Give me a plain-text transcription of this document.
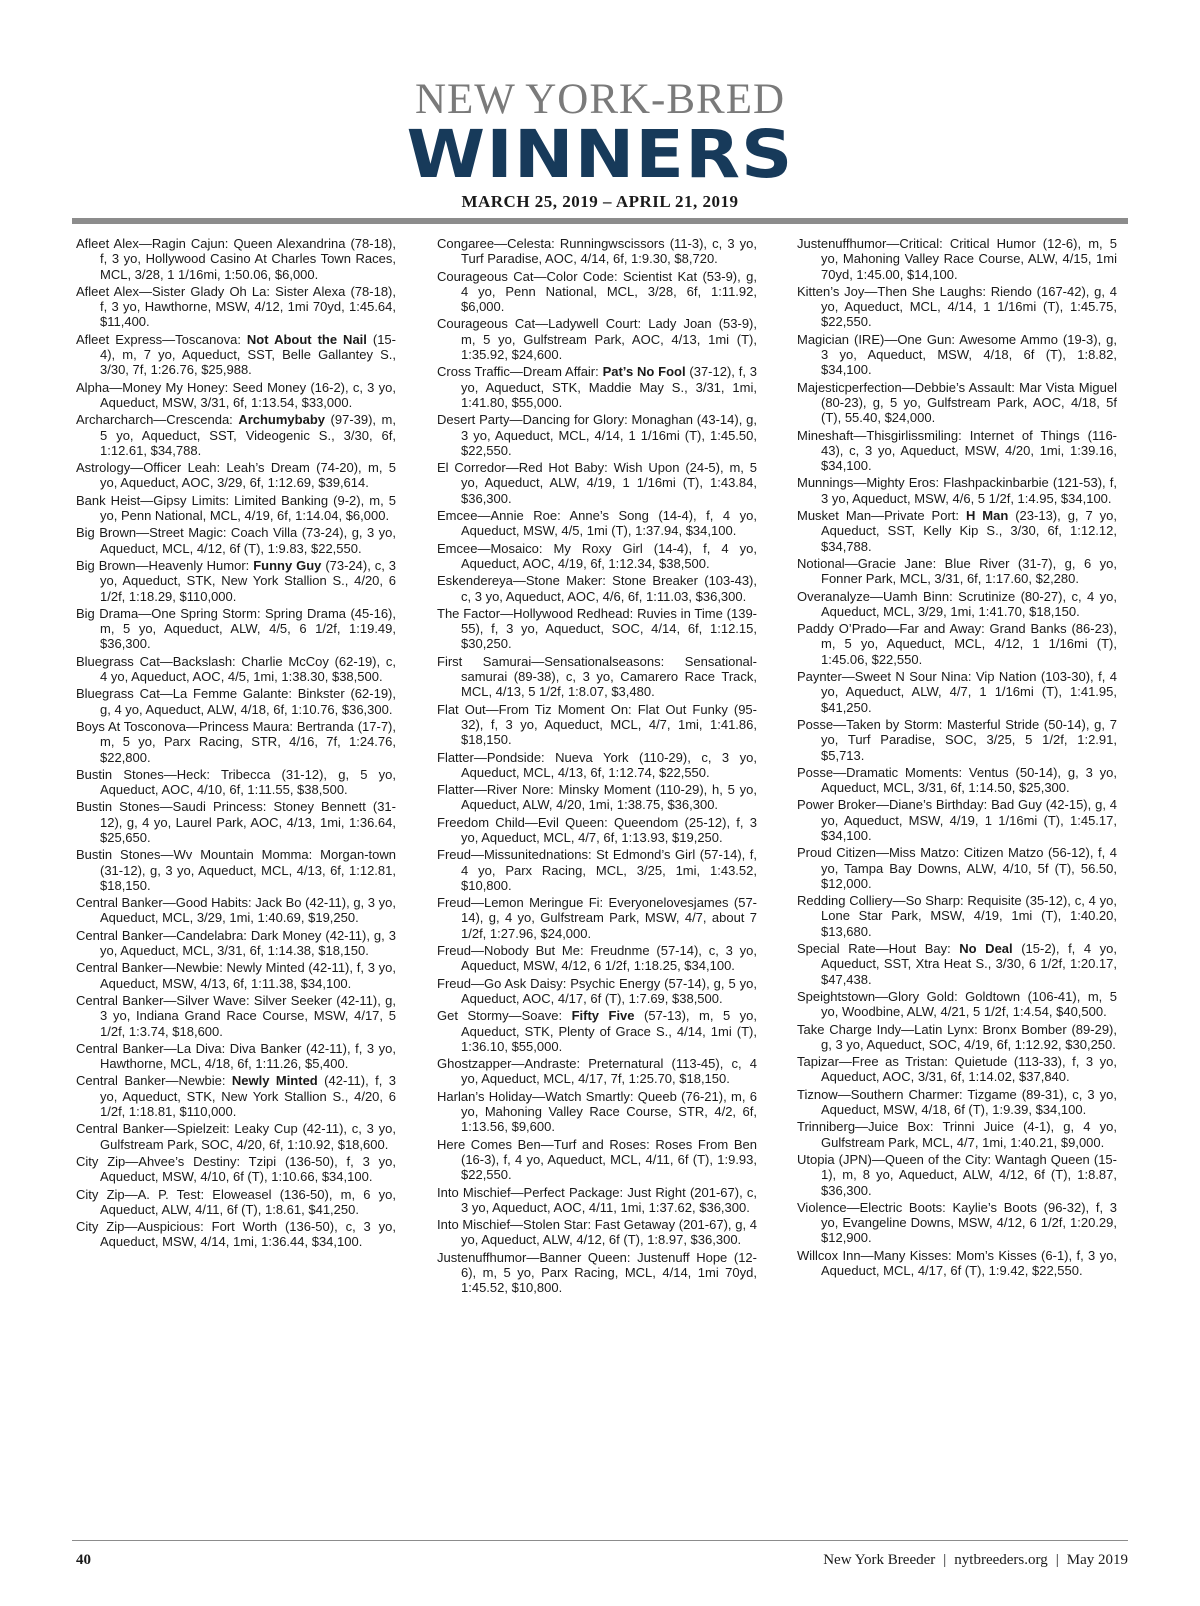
NEW YORK-BRED
WINNERS
MARCH 25, 2019 – APRIL 21, 2019
Afleet Alex—Ragin Cajun: Queen Alexandrina (78-18), f, 3 yo, Hollywood Casino At Charles Town Races, MCL, 3/28, 1 1/16mi, 1:50.06, $6,000.
Afleet Alex—Sister Glady Oh La: Sister Alexa (78-18), f, 3 yo, Hawthorne, MSW, 4/12, 1mi 70yd, 1:45.64, $11,400.
Afleet Express—Toscanova: Not About the Nail (15-4), m, 7 yo, Aqueduct, SST, Belle Gallantey S., 3/30, 7f, 1:26.76, $25,988.
Alpha—Money My Honey: Seed Money (16-2), c, 3 yo, Aqueduct, MSW, 3/31, 6f, 1:13.54, $33,000.
Archarcharch—Crescenda: Archumybaby (97-39), m, 5 yo, Aqueduct, SST, Videogenic S., 3/30, 6f, 1:12.61, $34,788.
Astrology—Officer Leah: Leah’s Dream (74-20), m, 5 yo, Aqueduct, AOC, 3/29, 6f, 1:12.69, $39,614.
Bank Heist—Gipsy Limits: Limited Banking (9-2), m, 5 yo, Penn National, MCL, 4/19, 6f, 1:14.04, $6,000.
Big Brown—Street Magic: Coach Villa (73-24), g, 3 yo, Aqueduct, MCL, 4/12, 6f (T), 1:9.83, $22,550.
Big Brown—Heavenly Humor: Funny Guy (73-24), c, 3 yo, Aqueduct, STK, New York Stallion S., 4/20, 6 1/2f, 1:18.29, $110,000.
Big Drama—One Spring Storm: Spring Drama (45-16), m, 5 yo, Aqueduct, ALW, 4/5, 6 1/2f, 1:19.49, $36,300.
Bluegrass Cat—Backslash: Charlie McCoy (62-19), c, 4 yo, Aqueduct, AOC, 4/5, 1mi, 1:38.30, $38,500.
Bluegrass Cat—La Femme Galante: Binkster (62-19), g, 4 yo, Aqueduct, ALW, 4/18, 6f, 1:10.76, $36,300.
Boys At Tosconova—Princess Maura: Bertranda (17-7), m, 5 yo, Parx Racing, STR, 4/16, 7f, 1:24.76, $22,800.
Bustin Stones—Heck: Tribecca (31-12), g, 5 yo, Aqueduct, AOC, 4/10, 6f, 1:11.55, $38,500.
Bustin Stones—Saudi Princess: Stoney Bennett (31-12), g, 4 yo, Laurel Park, AOC, 4/13, 1mi, 1:36.64, $25,650.
Bustin Stones—Wv Mountain Momma: Morgan-town (31-12), g, 3 yo, Aqueduct, MCL, 4/13, 6f, 1:12.81, $18,150.
Central Banker—Good Habits: Jack Bo (42-11), g, 3 yo, Aqueduct, MCL, 3/29, 1mi, 1:40.69, $19,250.
Central Banker—Candelabra: Dark Money (42-11), g, 3 yo, Aqueduct, MCL, 3/31, 6f, 1:14.38, $18,150.
Central Banker—Newbie: Newly Minted (42-11), f, 3 yo, Aqueduct, MSW, 4/13, 6f, 1:11.38, $34,100.
Central Banker—Silver Wave: Silver Seeker (42-11), g, 3 yo, Indiana Grand Race Course, MSW, 4/17, 5 1/2f, 1:3.74, $18,600.
Central Banker—La Diva: Diva Banker (42-11), f, 3 yo, Hawthorne, MCL, 4/18, 6f, 1:11.26, $5,400.
Central Banker—Newbie: Newly Minted (42-11), f, 3 yo, Aqueduct, STK, New York Stallion S., 4/20, 6 1/2f, 1:18.81, $110,000.
Central Banker—Spielzeit: Leaky Cup (42-11), c, 3 yo, Gulfstream Park, SOC, 4/20, 6f, 1:10.92, $18,600.
City Zip—Ahvee’s Destiny: Tzipi (136-50), f, 3 yo, Aqueduct, MSW, 4/10, 6f (T), 1:10.66, $34,100.
City Zip—A. P. Test: Eloweasel (136-50), m, 6 yo, Aqueduct, ALW, 4/11, 6f (T), 1:8.61, $41,250.
City Zip—Auspicious: Fort Worth (136-50), c, 3 yo, Aqueduct, MSW, 4/14, 1mi, 1:36.44, $34,100.
Congaree—Celesta: Runningwscissors (11-3), c, 3 yo, Turf Paradise, AOC, 4/14, 6f, 1:9.30, $8,720.
Courageous Cat—Color Code: Scientist Kat (53-9), g, 4 yo, Penn National, MCL, 3/28, 6f, 1:11.92, $6,000.
Courageous Cat—Ladywell Court: Lady Joan (53-9), m, 5 yo, Gulfstream Park, AOC, 4/13, 1mi (T), 1:35.92, $24,600.
Cross Traffic—Dream Affair: Pat’s No Fool (37-12), f, 3 yo, Aqueduct, STK, Maddie May S., 3/31, 1mi, 1:41.80, $55,000.
Desert Party—Dancing for Glory: Monaghan (43-14), g, 3 yo, Aqueduct, MCL, 4/14, 1 1/16mi (T), 1:45.50, $22,550.
El Corredor—Red Hot Baby: Wish Upon (24-5), m, 5 yo, Aqueduct, ALW, 4/19, 1 1/16mi (T), 1:43.84, $36,300.
Emcee—Annie Roe: Anne’s Song (14-4), f, 4 yo, Aqueduct, MSW, 4/5, 1mi (T), 1:37.94, $34,100.
Emcee—Mosaico: My Roxy Girl (14-4), f, 4 yo, Aqueduct, AOC, 4/19, 6f, 1:12.34, $38,500.
Eskendereya—Stone Maker: Stone Breaker (103-43), c, 3 yo, Aqueduct, AOC, 4/6, 6f, 1:11.03, $36,300.
The Factor—Hollywood Redhead: Ruvies in Time (139-55), f, 3 yo, Aqueduct, SOC, 4/14, 6f, 1:12.15, $30,250.
First Samurai—Sensationalseasons: Sensational-samurai (89-38), c, 3 yo, Camarero Race Track, MCL, 4/13, 5 1/2f, 1:8.07, $3,480.
Flat Out—From Tiz Moment On: Flat Out Funky (95-32), f, 3 yo, Aqueduct, MCL, 4/7, 1mi, 1:41.86, $18,150.
Flatter—Pondside: Nueva York (110-29), c, 3 yo, Aqueduct, MCL, 4/13, 6f, 1:12.74, $22,550.
Flatter—River Nore: Minsky Moment (110-29), h, 5 yo, Aqueduct, ALW, 4/20, 1mi, 1:38.75, $36,300.
Freedom Child—Evil Queen: Queendom (25-12), f, 3 yo, Aqueduct, MCL, 4/7, 6f, 1:13.93, $19,250.
Freud—Missunitednations: St Edmond’s Girl (57-14), f, 4 yo, Parx Racing, MCL, 3/25, 1mi, 1:43.52, $10,800.
Freud—Lemon Meringue Fi: Everyonelovesjames (57-14), g, 4 yo, Gulfstream Park, MSW, 4/7, about 7 1/2f, 1:27.96, $24,000.
Freud—Nobody But Me: Freudnme (57-14), c, 3 yo, Aqueduct, MSW, 4/12, 6 1/2f, 1:18.25, $34,100.
Freud—Go Ask Daisy: Psychic Energy (57-14), g, 5 yo, Aqueduct, AOC, 4/17, 6f (T), 1:7.69, $38,500.
Get Stormy—Soave: Fifty Five (57-13), m, 5 yo, Aqueduct, STK, Plenty of Grace S., 4/14, 1mi (T), 1:36.10, $55,000.
Ghostzapper—Andraste: Preternatural (113-45), c, 4 yo, Aqueduct, MCL, 4/17, 7f, 1:25.70, $18,150.
Harlan’s Holiday—Watch Smartly: Queeb (76-21), m, 6 yo, Mahoning Valley Race Course, STR, 4/2, 6f, 1:13.56, $9,600.
Here Comes Ben—Turf and Roses: Roses From Ben (16-3), f, 4 yo, Aqueduct, MCL, 4/11, 6f (T), 1:9.93, $22,550.
Into Mischief—Perfect Package: Just Right (201-67), c, 3 yo, Aqueduct, AOC, 4/11, 1mi, 1:37.62, $36,300.
Into Mischief—Stolen Star: Fast Getaway (201-67), g, 4 yo, Aqueduct, ALW, 4/12, 6f (T), 1:8.97, $36,300.
Justenuffhumor—Banner Queen: Justenuff Hope (12-6), m, 5 yo, Parx Racing, MCL, 4/14, 1mi 70yd, 1:45.52, $10,800.
Justenuffhumor—Critical: Critical Humor (12-6), m, 5 yo, Mahoning Valley Race Course, ALW, 4/15, 1mi 70yd, 1:45.00, $14,100.
Kitten’s Joy—Then She Laughs: Riendo (167-42), g, 4 yo, Aqueduct, MCL, 4/14, 1 1/16mi (T), 1:45.75, $22,550.
Magician (IRE)—One Gun: Awesome Ammo (19-3), g, 3 yo, Aqueduct, MSW, 4/18, 6f (T), 1:8.82, $34,100.
Majesticperfection—Debbie’s Assault: Mar Vista Miguel (80-23), g, 5 yo, Gulfstream Park, AOC, 4/18, 5f (T), 55.40, $24,000.
Mineshaft—Thisgirlissmiling: Internet of Things (116-43), c, 3 yo, Aqueduct, MSW, 4/20, 1mi, 1:39.16, $34,100.
Munnings—Mighty Eros: Flashpackinbarbie (121-53), f, 3 yo, Aqueduct, MSW, 4/6, 5 1/2f, 1:4.95, $34,100.
Musket Man—Private Port: H Man (23-13), g, 7 yo, Aqueduct, SST, Kelly Kip S., 3/30, 6f, 1:12.12, $34,788.
Notional—Gracie Jane: Blue River (31-7), g, 6 yo, Fonner Park, MCL, 3/31, 6f, 1:17.60, $2,280.
Overanalyze—Uamh Binn: Scrutinize (80-27), c, 4 yo, Aqueduct, MCL, 3/29, 1mi, 1:41.70, $18,150.
Paddy O’Prado—Far and Away: Grand Banks (86-23), m, 5 yo, Aqueduct, MCL, 4/12, 1 1/16mi (T), 1:45.06, $22,550.
Paynter—Sweet N Sour Nina: Vip Nation (103-30), f, 4 yo, Aqueduct, ALW, 4/7, 1 1/16mi (T), 1:41.95, $41,250.
Posse—Taken by Storm: Masterful Stride (50-14), g, 7 yo, Turf Paradise, SOC, 3/25, 5 1/2f, 1:2.91, $5,713.
Posse—Dramatic Moments: Ventus (50-14), g, 3 yo, Aqueduct, MCL, 3/31, 6f, 1:14.50, $25,300.
Power Broker—Diane’s Birthday: Bad Guy (42-15), g, 4 yo, Aqueduct, MSW, 4/19, 1 1/16mi (T), 1:45.17, $34,100.
Proud Citizen—Miss Matzo: Citizen Matzo (56-12), f, 4 yo, Tampa Bay Downs, ALW, 4/10, 5f (T), 56.50, $12,000.
Redding Colliery—So Sharp: Requisite (35-12), c, 4 yo, Lone Star Park, MSW, 4/19, 1mi (T), 1:40.20, $13,680.
Special Rate—Hout Bay: No Deal (15-2), f, 4 yo, Aqueduct, SST, Xtra Heat S., 3/30, 6 1/2f, 1:20.17, $47,438.
Speightstown—Glory Gold: Goldtown (106-41), m, 5 yo, Woodbine, ALW, 4/21, 5 1/2f, 1:4.54, $40,500.
Take Charge Indy—Latin Lynx: Bronx Bomber (89-29), g, 3 yo, Aqueduct, SOC, 4/19, 6f, 1:12.92, $30,250.
Tapizar—Free as Tristan: Quietude (113-33), f, 3 yo, Aqueduct, AOC, 3/31, 6f, 1:14.02, $37,840.
Tiznow—Southern Charmer: Tizgame (89-31), c, 3 yo, Aqueduct, MSW, 4/18, 6f (T), 1:9.39, $34,100.
Trinniberg—Juice Box: Trinni Juice (4-1), g, 4 yo, Gulfstream Park, MCL, 4/7, 1mi, 1:40.21, $9,000.
Utopia (JPN)—Queen of the City: Wantagh Queen (15-1), m, 8 yo, Aqueduct, ALW, 4/12, 6f (T), 1:8.87, $36,300.
Violence—Electric Boots: Kaylie’s Boots (96-32), f, 3 yo, Evangeline Downs, MSW, 4/12, 6 1/2f, 1:20.29, $12,900.
Willcox Inn—Many Kisses: Mom’s Kisses (6-1), f, 3 yo, Aqueduct, MCL, 4/17, 6f (T), 1:9.42, $22,550.
40	New York Breeder | nytbreeders.org | May 2019
